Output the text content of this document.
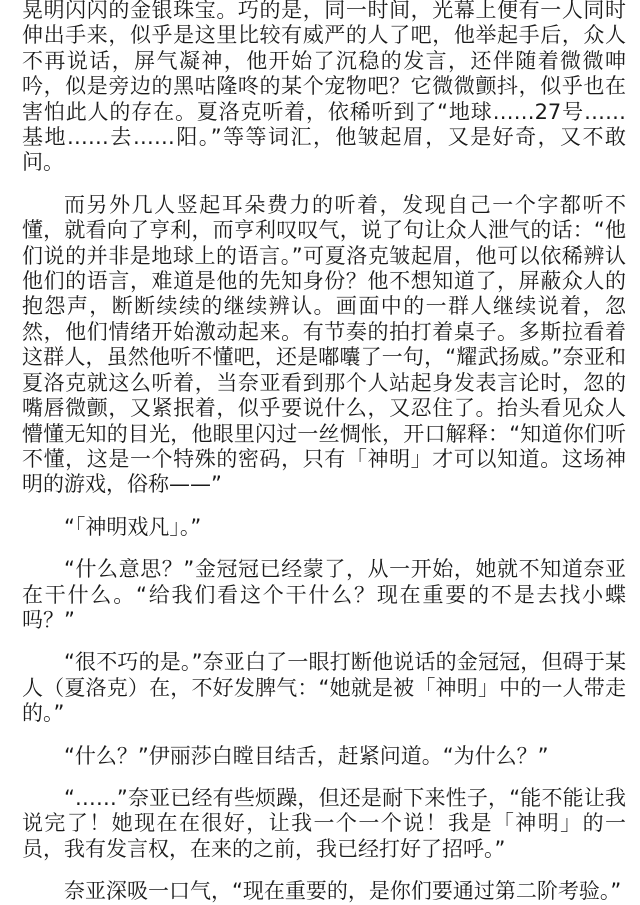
晃明闪闪的金银珠宝。巧的是，同一时间，光幕上便有一人同时伸出手来，似乎是这里比较有威严的人了吧，他举起手后，众人不再说话，屏气凝神，他开始了沉稳的发言，还伴随着微微呻吟，似是旁边的黑咕隆咚的某个宠物吧？它微微颤抖，似乎也在害怕此人的存在。夏洛克听着，依稀听到了“地球……27号……基地……去……阳。”等等词汇，他皱起眉，又是好奇，又不敢问。

而另外几人竖起耳朵费力的听着，发现自己一个字都听不懂，就看向了亨利，而亨利叹叹气，说了句让众人泄气的话：“他们说的并非是地球上的语言。”可夏洛克皱起眉，他可以依稀辨认他们的语言，难道是他的先知身份？他不想知道了，屏蔽众人的抱怨声，断断续续的继续辨认。画面中的一群人继续说着，忽然，他们情绪开始激动起来。有节奏的拍打着桌子。多斯拉看着这群人，虽然他听不懂吧，还是嘟囔了一句，“耀武扬威。”奈亚和夏洛克就这么听着，当奈亚看到那个人站起身发表言论时，忽的嘴唇微颤，又紧抿着，似乎要说什么，又忍住了。抬头看见众人懵懂无知的目光，他眼里闪过一丝惆怅，开口解释：“知道你们听不懂，这是一个特殊的密码，只有「神明」才可以知道。这场神明的游戏，俗称——”

“「神明戏凡」。”

“什么意思？”金冠冠已经蒙了，从一开始，她就不知道奈亚在干什么。“给我们看这个干什么？现在重要的不是去找小蝶吗？”

“很不巧的是。”奈亚白了一眼打断他说话的金冠冠，但碍于某人（夏洛克）在，不好发脾气：“她就是被「神明」中的一人带走的。”

“什么？”伊丽莎白瞠目结舌，赶紧问道。“为什么？”

“……”奈亚已经有些烦躁，但还是耐下来性子，“能不能让我说完了！她现在在很好，让我一个一个说！我是「神明」的一员，我有发言权，在来的之前，我已经打好了招呼。”

奈亚深吸一口气，“现在重要的，是你们要通过第二阶考验。”
